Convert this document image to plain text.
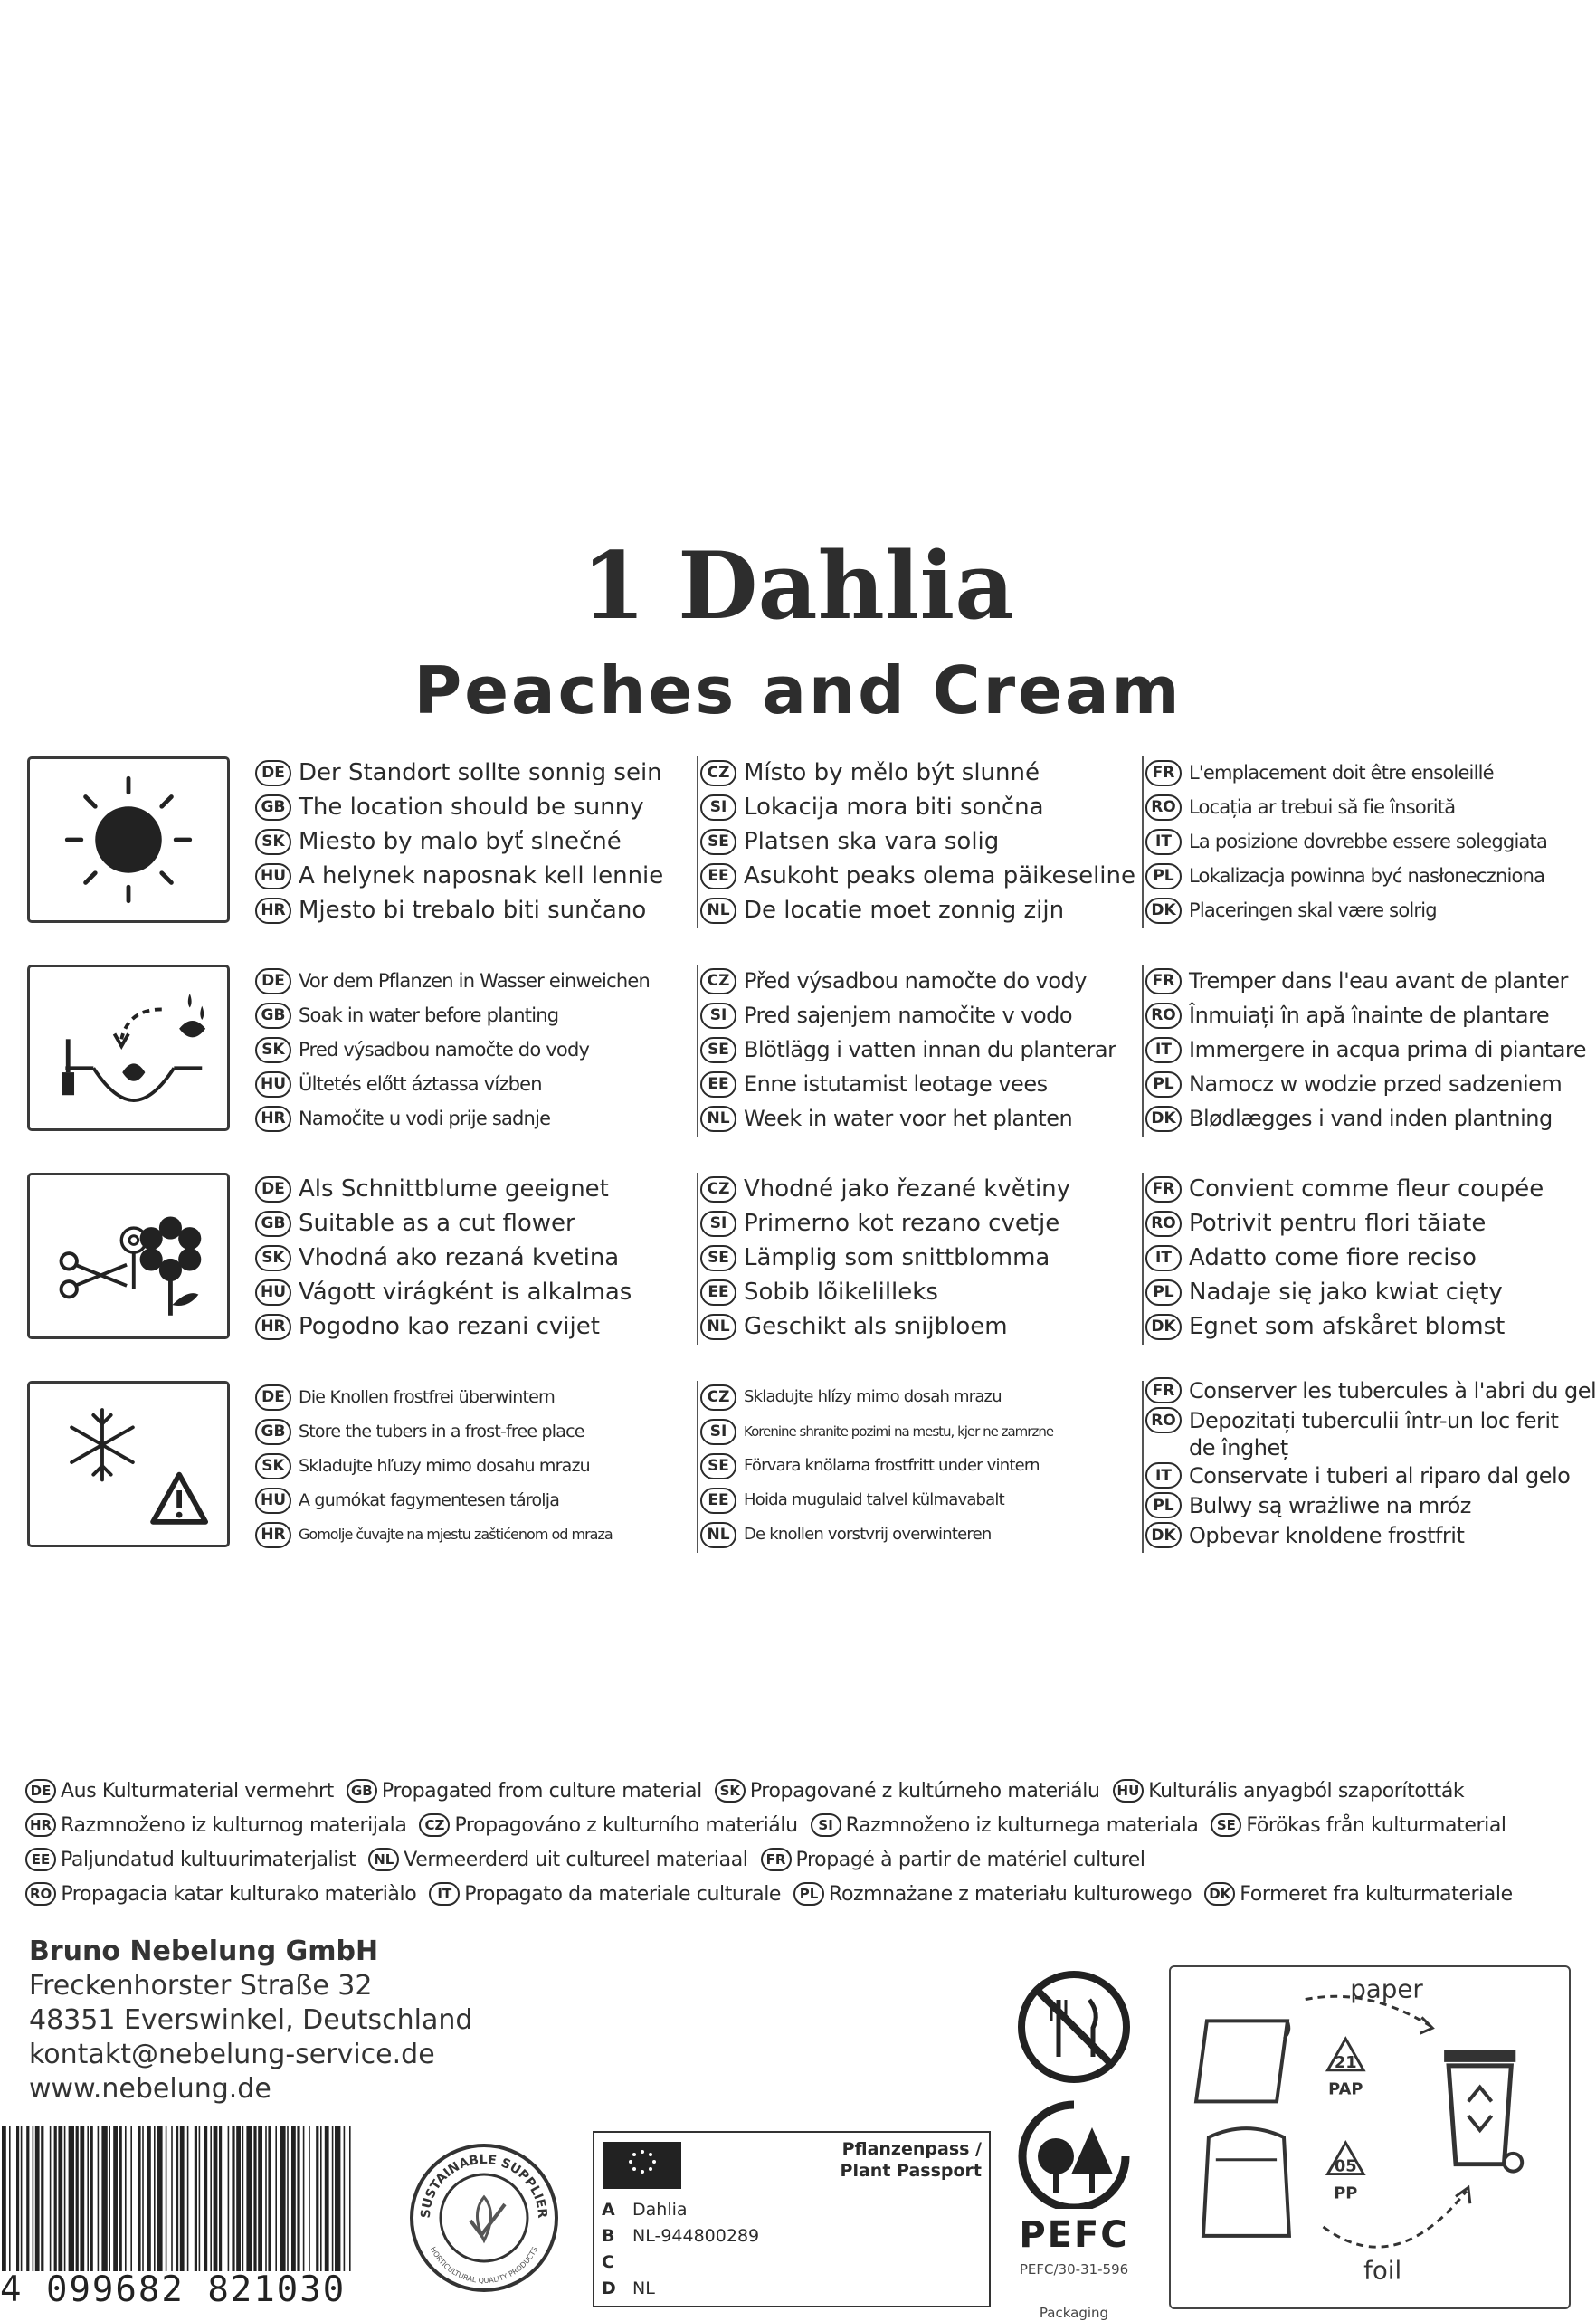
1 Dahlia
Peaches and Cream
DE Der Standort sollte sonnig sein
GB The location should be sunny
SK Miesto by malo byť slnečné
HU A helynek naposnak kell lennie
HR Mjesto bi trebalo biti sunčano
CZ Místo by mělo být slunné
SI Lokacija mora biti sončna
SE Platsen ska vara solig
EE Asukoht peaks olema päikeseline
NL De locatie moet zonnig zijn
FR L'emplacement doit être ensoleillé
RO Locația ar trebui să fie însorită
IT La posizione dovrebbe essere soleggiata
PL Lokalizacja powinna być nasłoneczniona
DK Placeringen skal være solrig
DE Vor dem Pflanzen in Wasser einweichen
GB Soak in water before planting
SK Pred výsadbou namočte do vody
HU Ültetés előtt áztassa vízben
HR Namočite u vodi prije sadnje
CZ Před výsadbou namočte do vody
SI Pred sajenjem namočite v vodo
SE Blötlägg i vatten innan du planterar
EE Enne istutamist leotage vees
NL Week in water voor het planten
FR Tremper dans l'eau avant de planter
RO Înmuiați în apă înainte de plantare
IT Immergere in acqua prima di piantare
PL Namocz w wodzie przed sadzeniem
DK Blødlægges i vand inden plantning
DE Als Schnittblume geeignet
GB Suitable as a cut flower
SK Vhodná ako rezaná kvetina
HU Vágott virágként is alkalmas
HR Pogodno kao rezani cvijet
CZ Vhodné jako řezané květiny
SI Primerno kot rezano cvetje
SE Lämplig som snittblomma
EE Sobib lõikelilleks
NL Geschikt als snijbloem
FR Convient comme fleur coupée
RO Potrivit pentru flori tăiate
IT Adatto come fiore reciso
PL Nadaje się jako kwiat cięty
DK Egnet som afskåret blomst
DE Die Knollen frostfrei überwintern
GB Store the tubers in a frost-free place
SK Skladujte hľuzy mimo dosahu mrazu
HU A gumókat fagymentesen tárolja
HR Gomolje čuvajte na mjestu zaštićenom od mraza
CZ Skladujte hlízy mimo dosah mrazu
SI	Korenine shranite pozimi na mestu, kjer ne zamrzne
SE Förvara knölarna frostfritt under vintern
EE Hoida mugulaid talvel külmavabalt
NL De knollen vorstvrij overwinteren
FR Conserver les tubercules à l'abri du gel
RO Depozitați tuberculii într-un loc ferit
de îngheț
IT Conservate i tuberi al riparo dal gelo
PL Bulwy są wrażliwe na mróz
DK Opbevar knoldene frostfrit
DE Aus Kulturmaterial vermehrt	GB Propagated from culture material	SK Propagované z kultúrneho materiálu	HU Kulturális anyagból szaporították
HR Razmnoženo iz kulturnog materijala	CZ Propagováno z kulturního materiálu	SI Razmnoženo iz kulturnega materiala	SE Förökas från kulturmaterial
EE Paljundatud kultuurimaterjalist	NL Vermeerderd uit cultureel materiaal	FR Propagé à partir de matériel culturel
RO Propagacia katar kulturako materiàlo	IT Propagato da materiale culturale	PL Rozmnażane z materiału kulturowego	DK Formeret fra kulturmateriale
Bruno Nebelung GmbH
Freckenhorster Straße 32
48351 Everswinkel, Deutschland
kontakt@nebelung-service.de
www.nebelung.de
4 099682 821030
SUSTAINABLE SUPPLIER
HORTICULTURAL QUALITY PRODUCTS
Pflanzenpass /
Plant Passport
A Dahlia
B NL-944800289
C
D NL

PEFC
PEFC/30-31-596
Packaging
paper
21
PAP
05
PP
foil
